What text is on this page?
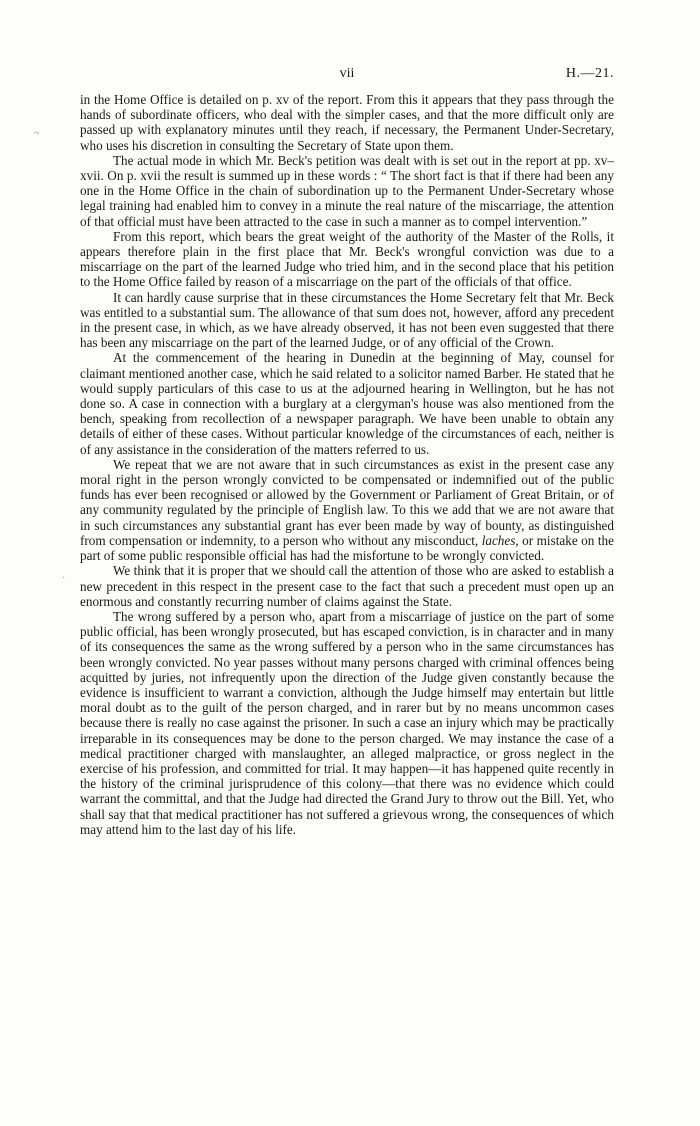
vii	H.—21.
~
·

in the Home Office is detailed on p. xv of the report. From this it appears that they pass through the hands of subordinate officers, who deal with the simpler cases, and that the more difficult only are passed up with explanatory minutes until they reach, if necessary, the Permanent Under-Secretary, who uses his discretion in consulting the Secretary of State upon them.

The actual mode in which Mr. Beck's petition was dealt with is set out in the report at pp. xv–xvii. On p. xvii the result is summed up in these words : “ The short fact is that if there had been any one in the Home Office in the chain of subordination up to the Permanent Under-Secretary whose legal training had enabled him to convey in a minute the real nature of the miscarriage, the attention of that official must have been attracted to the case in such a manner as to compel intervention.”

From this report, which bears the great weight of the authority of the Master of the Rolls, it appears therefore plain in the first place that Mr. Beck's wrongful conviction was due to a miscarriage on the part of the learned Judge who tried him, and in the second place that his petition to the Home Office failed by reason of a miscarriage on the part of the officials of that office.

It can hardly cause surprise that in these circumstances the Home Secretary felt that Mr. Beck was entitled to a substantial sum. The allowance of that sum does not, however, afford any precedent in the present case, in which, as we have already observed, it has not been even suggested that there has been any miscarriage on the part of the learned Judge, or of any official of the Crown.

At the commencement of the hearing in Dunedin at the beginning of May, counsel for claimant mentioned another case, which he said related to a solicitor named Barber. He stated that he would supply particulars of this case to us at the adjourned hearing in Wellington, but he has not done so. A case in connection with a burglary at a clergyman's house was also mentioned from the bench, speaking from recollection of a newspaper paragraph. We have been unable to obtain any details of either of these cases. Without particular knowledge of the circumstances of each, neither is of any assistance in the consideration of the matters referred to us.

We repeat that we are not aware that in such circumstances as exist in the present case any moral right in the person wrongly convicted to be compensated or indemnified out of the public funds has ever been recognised or allowed by the Government or Parliament of Great Britain, or of any community regulated by the principle of English law. To this we add that we are not aware that in such circumstances any substantial grant has ever been made by way of bounty, as distinguished from compensation or indemnity, to a person who without any misconduct, laches, or mistake on the part of some public responsible official has had the misfortune to be wrongly convicted.

We think that it is proper that we should call the attention of those who are asked to establish a new precedent in this respect in the present case to the fact that such a precedent must open up an enormous and constantly recurring number of claims against the State.

The wrong suffered by a person who, apart from a miscarriage of justice on the part of some public official, has been wrongly prosecuted, but has escaped conviction, is in character and in many of its consequences the same as the wrong suffered by a person who in the same circumstances has been wrongly convicted. No year passes without many persons charged with criminal offences being acquitted by juries, not infrequently upon the direction of the Judge given constantly because the evidence is insufficient to warrant a conviction, although the Judge himself may entertain but little moral doubt as to the guilt of the person charged, and in rarer but by no means uncommon cases because there is really no case against the prisoner. In such a case an injury which may be practically irreparable in its consequences may be done to the person charged. We may instance the case of a medical practitioner charged with manslaughter, an alleged malpractice, or gross neglect in the exercise of his profession, and committed for trial. It may happen—it has happened quite recently in the history of the criminal jurisprudence of this colony—that there was no evidence which could warrant the committal, and that the Judge had directed the Grand Jury to throw out the Bill. Yet, who shall say that that medical practitioner has not suffered a grievous wrong, the consequences of which may attend him to the last day of his life.
